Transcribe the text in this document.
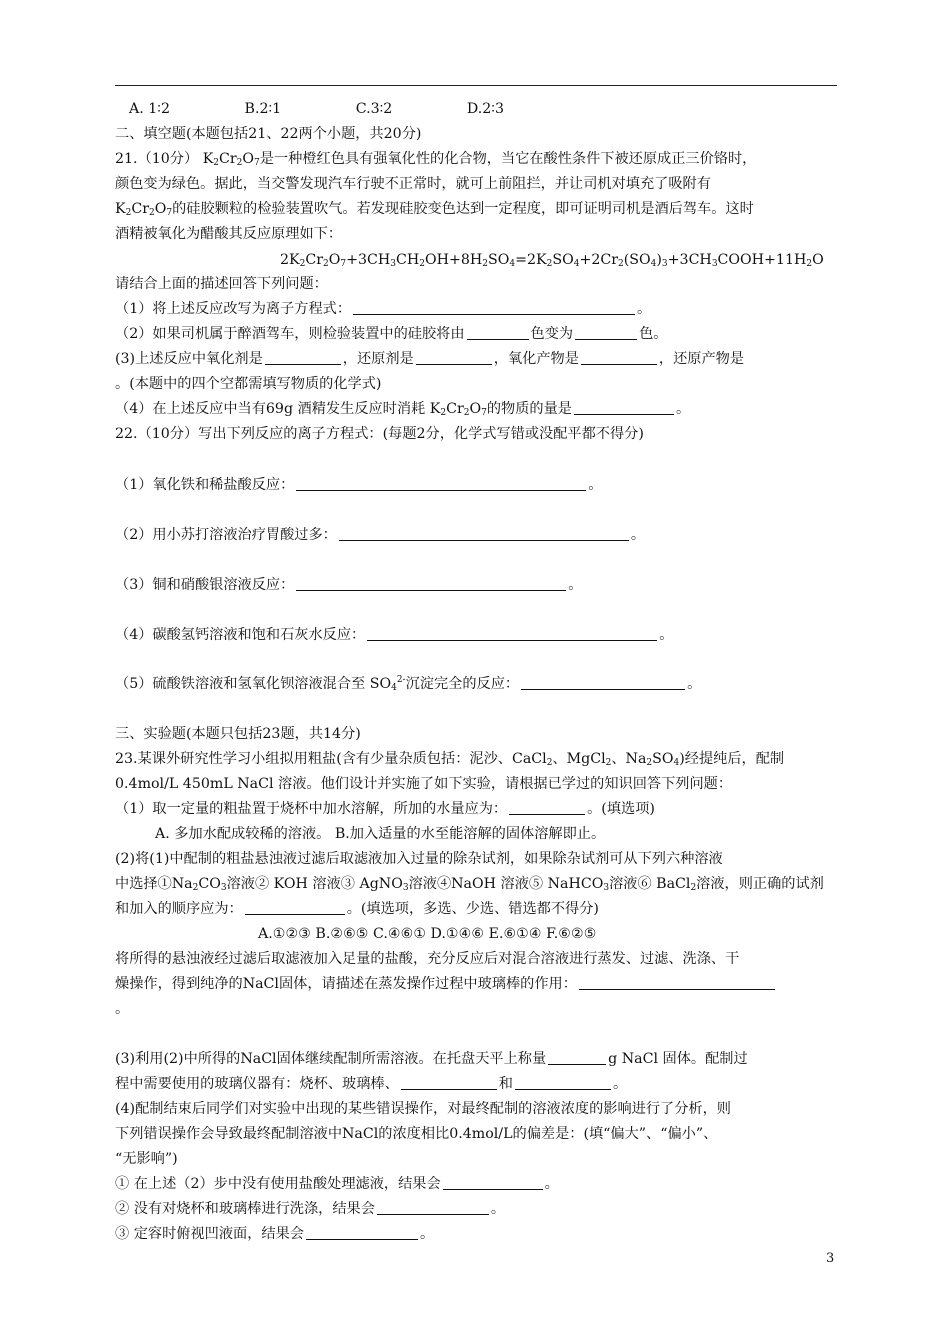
A. 1∶2	B.2∶1	C.3∶2	D.2∶3
二、填空题(本题包括21、22两个小题，共20分)
21.（10分） $K_2Cr_2O_7$是一种橙红色具有强氧化性的化合物，当它在酸性条件下被还原成正三价铬时，
颜色变为绿色。据此，当交警发现汽车行驶不正常时，就可上前阻拦，并让司机对填充了吸附有
$K_2Cr_2O_7$的硅胶颗粒的检验装置吹气。若发现硅胶变色达到一定程度，即可证明司机是酒后驾车。这时
酒精被氧化为醋酸其反应原理如下：
$2K_2Cr_2O_7+3CH_3CH_2OH+8H_2SO_4=2K_2SO_4+2Cr_2(SO_4)_3+3CH_3COOH+11H_2O$
请结合上面的描述回答下列问题：
（1）将上述反应改写为离子方程式：	。
（2）如果司机属于醉酒驾车，则检验装置中的硅胶将由	色变为	色。
(3)上述反应中氧化剂是	，还原剂是	，氧化产物是	，还原产物是
。(本题中的四个空都需填写物质的化学式)
（4）在上述反应中当有69g 酒精发生反应时消耗 $K_2Cr_2O_7$的物质的量是	。
22.（10分）写出下列反应的离子方程式：(每题2分，化学式写错或没配平都不得分)
（1）氧化铁和稀盐酸反应：	。
（2）用小苏打溶液治疗胃酸过多：	。
（3）铜和硝酸银溶液反应：	。
（4）碳酸氢钙溶液和饱和石灰水反应：	。
（5）硫酸铁溶液和氢氧化钡溶液混合至 $SO_4^{2-}$沉淀完全的反应：	。
三、实验题(本题只包括23题，共14分)
23.某课外研究性学习小组拟用粗盐(含有少量杂质包括：泥沙、CaCl$_2$、MgCl$_2$、$Na_2SO_4$)经提纯后，配制
0.4mol/L 450mL NaCl 溶液。他们设计并实施了如下实验，请根据已学过的知识回答下列问题：
（1）取一定量的粗盐置于烧杯中加水溶解，所加的水量应为：	。(填选项)
A. 多加水配成较稀的溶液。 B.加入适量的水至能溶解的固体溶解即止。
(2)将(1)中配制的粗盐悬浊液过滤后取滤液加入过量的除杂试剂，如果除杂试剂可从下列六种溶液
中选择$①Na_2CO_3$溶液② KOH 溶液③ AgNO$_3$溶液④NaOH 溶液⑤ NaHCO$_3$溶液⑥ BaCl$_2$溶液，则正确的试剂
和加入的顺序应为：	。(填选项，多选、少选、错选都不得分)
A.①②③ B.②⑥⑤ C.④⑥① D.①④⑥ E.⑥①④ F.⑥②⑤
将所得的悬浊液经过滤后取滤液加入足量的盐酸，充分反应后对混合溶液进行蒸发、过滤、洗涤、干
燥操作，得到纯净的NaCl固体，请描述在蒸发操作过程中玻璃棒的作用：
。
(3)利用(2)中所得的NaCl固体继续配制所需溶液。在托盘天平上称量	g NaCl 固体。配制过
程中需要使用的玻璃仪器有：烧杯、玻璃棒、	和	。
(4)配制结束后同学们对实验中出现的某些错误操作，对最终配制的溶液浓度的影响进行了分析，则
下列错误操作会导致最终配制溶液中NaCl的浓度相比0.4mol/L的偏差是：(填“偏大”、“偏小”、
“无影响”)
① 在上述（2）步中没有使用盐酸处理滤液，结果会	。
② 没有对烧杯和玻璃棒进行洗涤，结果会	。
③ 定容时俯视凹液面，结果会	。
3
